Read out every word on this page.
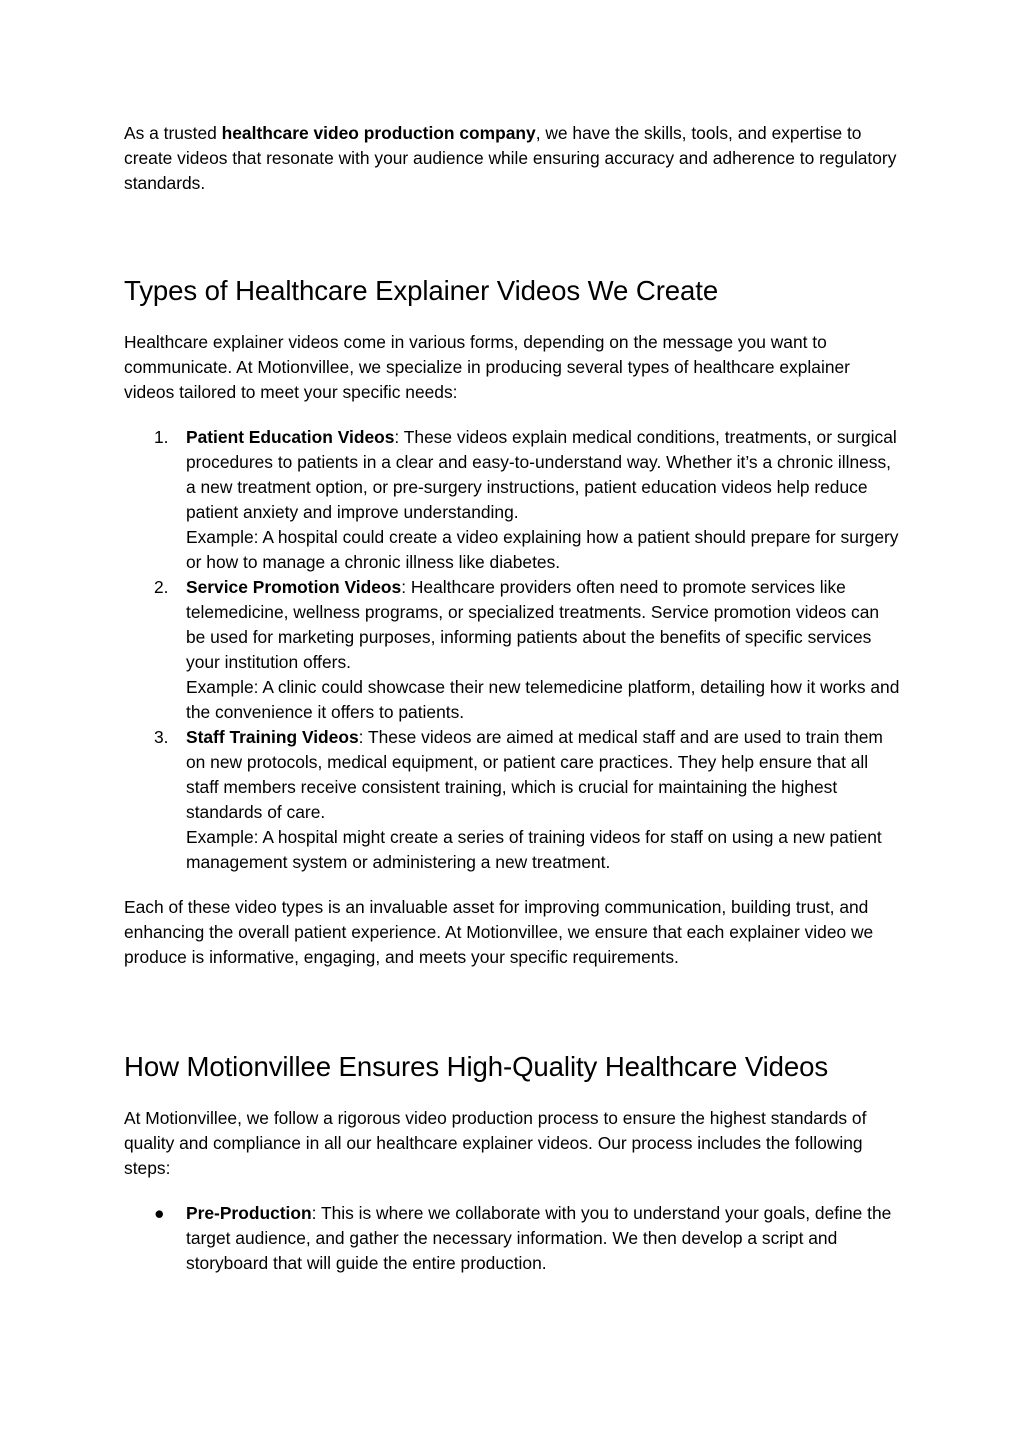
As a trusted healthcare video production company, we have the skills, tools, and expertise to create videos that resonate with your audience while ensuring accuracy and adherence to regulatory standards.

Types of Healthcare Explainer Videos We Create

Healthcare explainer videos come in various forms, depending on the message you want to communicate. At Motionvillee, we specialize in producing several types of healthcare explainer videos tailored to meet your specific needs:

1. Patient Education Videos: These videos explain medical conditions, treatments, or surgical procedures to patients in a clear and easy-to-understand way. Whether it’s a chronic illness, a new treatment option, or pre-surgery instructions, patient education videos help reduce patient anxiety and improve understanding.
Example: A hospital could create a video explaining how a patient should prepare for surgery or how to manage a chronic illness like diabetes.
2. Service Promotion Videos: Healthcare providers often need to promote services like telemedicine, wellness programs, or specialized treatments. Service promotion videos can be used for marketing purposes, informing patients about the benefits of specific services your institution offers.
Example: A clinic could showcase their new telemedicine platform, detailing how it works and the convenience it offers to patients.
3. Staff Training Videos: These videos are aimed at medical staff and are used to train them on new protocols, medical equipment, or patient care practices. They help ensure that all staff members receive consistent training, which is crucial for maintaining the highest standards of care.
Example: A hospital might create a series of training videos for staff on using a new patient management system or administering a new treatment.

Each of these video types is an invaluable asset for improving communication, building trust, and enhancing the overall patient experience. At Motionvillee, we ensure that each explainer video we produce is informative, engaging, and meets your specific requirements.

How Motionvillee Ensures High-Quality Healthcare Videos

At Motionvillee, we follow a rigorous video production process to ensure the highest standards of quality and compliance in all our healthcare explainer videos. Our process includes the following steps:

● Pre-Production: This is where we collaborate with you to understand your goals, define the target audience, and gather the necessary information. We then develop a script and storyboard that will guide the entire production.
